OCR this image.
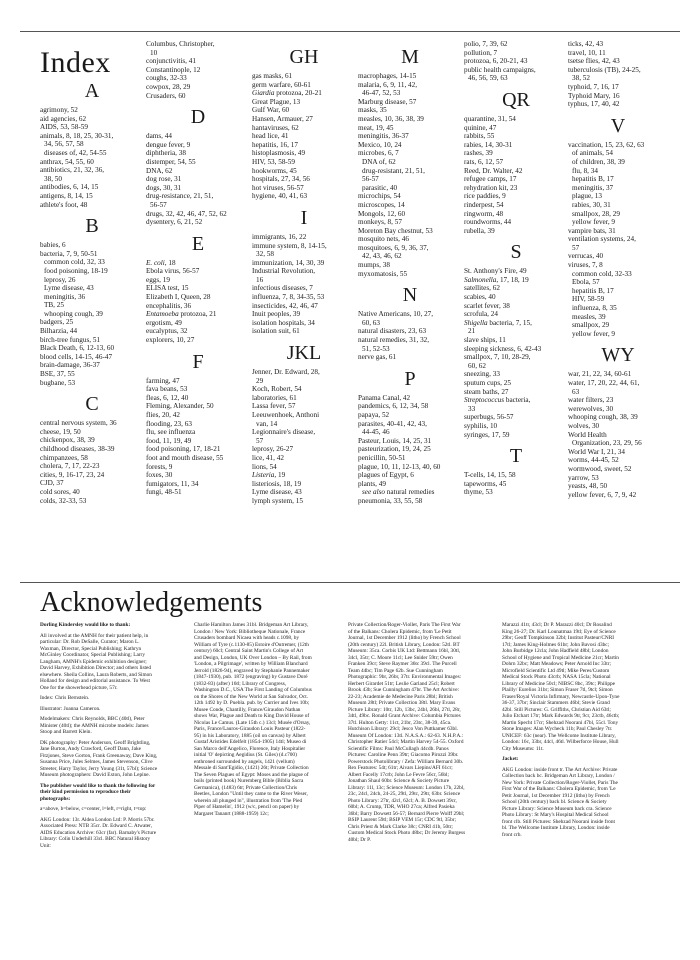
Index
A
agrimony, 52
aid agencies, 62
AIDS, 53, 58-59
animals, 8, 18, 25, 30-31,
34, 56, 57, 58
diseases of, 42, 54-55
anthrax, 54, 55, 60
antibiotics, 21, 32, 36,
38, 50
antibodies, 6, 14, 15
antigens, 8, 14, 15
athlete's foot, 48
B
babies, 6
bacteria, 7, 9, 50-51
common cold, 32, 33
food poisoning, 18-19
leprosy, 26
Lyme disease, 43
meningitis, 36
TB, 25
whooping cough, 39
badgers, 25
Bilharzia, 44
birch-tree fungus, 51
Black Death, 6, 12-13, 60
blood cells, 14-15, 46-47
brain-damage, 36-37
BSE, 37, 55
bugbane, 53
C
central nervous system, 36
cheese, 19, 50
chickenpox, 38, 39
childhood diseases, 38-39
chimpanzees, 58
cholera, 7, 17, 22-23
cities, 9, 16-17, 23, 24
CJD, 37
cold sores, 40
colds, 32-33, 53
Columbus, Christopher,
10
conjunctivitis, 41
Constantinople, 12
coughs, 32-33
cowpox, 28, 29
Crusaders, 60
D
dams, 44
dengue fever, 9
diphtheria, 38
distemper, 54, 55
DNA, 62
dog rose, 31
dogs, 30, 31
drug-resistance, 21, 51,
56-57
drugs, 32, 42, 46, 47, 52, 62
dysentery, 6, 21, 52
E
E. coli, 18
Ebola virus, 56-57
eggs, 19
ELISA test, 15
Elizabeth I, Queen, 28
encephalitis, 36
Entamoeba protozoa, 21
ergotism, 49
eucalyptus, 32
explorers, 10, 27
F
farming, 47
fava beans, 53
fleas, 6, 12, 40
Fleming, Alexander, 50
flies, 20, 42
flooding, 23, 63
flu, see influenza
food, 11, 19, 49
food poisoning, 17, 18-21
foot and mouth disease, 55
forests, 9
foxes, 30
fumigators, 11, 34
fungi, 48-51
GH
gas masks, 61
germ warfare, 60-61
Giardia protozoa, 20-21
Great Plague, 13
Gulf War, 60
Hansen, Armauer, 27
hantaviruses, 62
head lice, 41
hepatitis, 16, 17
histoplasmosis, 49
HIV, 53, 58-59
hookworms, 45
hospitals, 27, 34, 56
hot viruses, 56-57
hygiene, 40, 41, 63
I
immigrants, 16, 22
immune system, 8, 14-15,
32, 58
immunization, 14, 30, 39
Industrial Revolution,
16
infectious diseases, 7
influenza, 7, 8, 34-35, 53
insecticides, 42, 46, 47
Inuit peoples, 39
isolation hospitals, 34
isolation suit, 61
JKL
Jenner, Dr. Edward, 28,
29
Koch, Robert, 54
laboratories, 61
Lassa fever, 57
Leeuwenhoek, Anthoni
van, 14
Legionnaire's disease,
57
leprosy, 26-27
lice, 41, 42
lions, 54
Listeria, 19
listeriosis, 18, 19
Lyme disease, 43
lymph system, 15
M
macrophages, 14-15
malaria, 6, 9, 11, 42,
46-47, 52, 53
Marburg disease, 57
masks, 35
measles, 10, 36, 38, 39
meat, 19, 45
meningitis, 36-37
Mexico, 10, 24
microbes, 6, 7
DNA of, 62
drug-resistant, 21, 51,
56-57
parasitic, 40
microchips, 54
microscopes, 14
Mongols, 12, 60
monkeys, 8, 57
Moreton Bay chestnut, 53
mosquito nets, 46
mosquitoes, 6, 9, 36, 37,
42, 43, 46, 62
mumps, 38
myxomatosis, 55
N
Native Americans, 10, 27,
60, 63
natural disasters, 23, 63
natural remedies, 31, 32,
51, 52-53
nerve gas, 61
P
Panama Canal, 42
pandemics, 6, 12, 34, 58
papaya, 52
parasites, 40-41, 42, 43,
44-45, 46
Pasteur, Louis, 14, 25, 31
pasteurization, 19, 24, 25
penicillin, 50-51
plague, 10, 11, 12-13, 40, 60
plagues of Egypt, 6
plants, 49
see also natural remedies
pneumonia, 33, 55, 58
polio, 7, 39, 62
pollution, 7
protozoa, 6, 20-21, 43
public health campaigns,
46, 56, 59, 63
QR
quarantine, 31, 54
quinine, 47
rabbits, 55
rabies, 14, 30-31
rashes, 39
rats, 6, 12, 57
Reed, Dr. Walter, 42
refugee camps, 17
rehydration kit, 23
rice paddies, 9
rinderpest, 54
ringworm, 48
roundworms, 44
rubella, 39
S
St. Anthony's Fire, 49
Salmonella, 17, 18, 19
satellites, 62
scabies, 40
scarlet fever, 38
scrofula, 24
Shigella bacteria, 7, 15,
21
slave ships, 11
sleeping sickness, 6, 42-43
smallpox, 7, 10, 28-29,
60, 62
sneezing, 33
sputum cups, 25
steam baths, 27
Streptococcus bacteria,
33
superbugs, 56-57
syphilis, 10
syringes, 17, 59
T
T-cells, 14, 15, 58
tapeworms, 45
thyme, 53
ticks, 42, 43
travel, 10, 11
tsetse flies, 42, 43
tuberculosis (TB), 24-25,
38, 52
typhoid, 7, 16, 17
Typhoid Mary, 16
typhus, 17, 40, 42
V
vaccination, 15, 23, 62, 63
of animals, 54
of children, 38, 39
flu, 8, 34
hepatitis B, 17
meningitis, 37
plague, 13
rabies, 30, 31
smallpox, 28, 29
yellow fever, 9
vampire bats, 31
ventilation systems, 24,
57
verrucas, 40
viruses, 7, 8
common cold, 32-33
Ebola, 57
hepatitis B, 17
HIV, 58-59
influenza, 8, 35
measles, 39
smallpox, 29
yellow fever, 9
WY
war, 21, 22, 34, 60-61
water, 17, 20, 22, 44, 61,
63
water filters, 23
werewolves, 30
whooping cough, 38, 39
wolves, 30
World Health
Organization, 23, 29, 56
World War I, 21, 34
worms, 44-45, 52
wormwood, sweet, 52
yarrow, 53
yeasts, 48, 50
yellow fever, 6, 7, 9, 42
Acknowledgements

Dorling Kindersley would like to thank:

All involved at the AMNH for their patient help, in particular: Dr. Rob DeSalle, Curator; Maron L. Waxman, Director, Special Publishing; Kathryn McGinley Coordinator, Special Publishing; Larry Langham, AMNH's Epidemic exhibition designer; David Harvey, Exhibition Director; and others listed elsewhere. Sheila Collins, Laura Roberts, and Simon Holland for design and editorial assistance. To West One for the showerhead picture, 57r.

Index: Chris Bernstein.

Illustrator: Joanna Cameron.

Modelmakers: Chris Reynolds, BBC (40tl), Peter Minister (40tl); the AMNH microbe models: James Stoop and Barrett Klein.

DK photography: Peter Anderson, Geoff Brightling, Jane Burton, Andy Crawford, Geoff Dann, Jake Fitzjones, Steve Gorton, Frank Greenaway, Dave King, Susanna Price, Jules Selmes, James Stevenson, Clive Streeter, Harry Taylor, Jerry Young (31t, 57bl); Science Museum photographers: David Exton, John Lepine.

The publisher would like to thank the following for their kind permission to reproduce their photographs:

a=above, b=below, c=center, l=left, r=right, t=top:

AKG London: 13r. Aldea London Ltd: P. Morris 57br. Associated Press: NTB 35cr. Dr. Edward C. Atwater, AIDS Education Archive: 63cr (far). Barnaby's Picture Library: Colin Underhill 33cl. BBC Natural History Unit:

Charlie Hamilton James 31bl. Bridgeman Art Library, London / New York: Bibliotheque Nationale, France Crusaders bombard Nicaea with heads c.1098, by William of Tyre (c.1130-85) Estoire d'Outremer, (12th century) 60cl; Central Saint Martin's College of Art and Design, London, UK Over London – By Rail, from 'London, a Pilgrimage', written by William Blanchard Jerrold (1826-94), engraved by Stephanie Pannemaker (1847-1930), pub. 1872 (engraving) by Gustave Doré (1832-83) (after) 16tl; Library of Congress, Washington D.C., USA The First Landing of Columbus on the Shores of the New World at San Salvador, Oct. 12th 1492 by D. Puebla. pub. by Currier and Ives 10b; Musee Conde, Chantilly, France/Giraudon Nathan shows War, Plague and Death to King David House of Nicolas Le Camus. (Late 15th c.) 13cl; Musée d'Orsay, Paris, France/Lauros-Giraudon Louis Pasteur (1822-95) in his Laboratory, 1885 (oil on canvas) by Albert Gustaf Aristides Edelfelt (1854-1905) 14tl; Museo di San Marco dell'Angelico, Florence, Italy Hospitalier initial 'O' depicting Aegidius (St. Giles) (d.c700) enthroned surrounded by angels, 1421 (vellum) Messale di Sant'Egidio, (1421) 26t; Private Collection The Seven Plagues of Egypt: Moses and the plague of boils (printed book) Nuremberg Bible (Biblia Sacra Germanica), (1483) 6tr; Private Collection/Chris Beetles, London "Until they came to the River Weser, wherein all plunged in", illustration from 'The Pied Piper of Hamelin', 1912 (w/c, pencil on paper) by Margaret Tananrt (1888-1959) 12c;

Private Collection/Roger-Viollet, Paris The First War of the Balkans: Cholera Epidemic, from 'Le Petit Journal, 1st December 1912 (litho) by French School (20th century) 22l. British Library, London: 52tl. BT Museum: 35ca. Corbis UK Ltd: Bettmann 16bl, 30tl, 34cl, 35tr; C. Moore 11cl; Lee Snider 59tr; Owen Franken 39cr; Steve Raymer 36tc 39cl. The Purcell Team 44bc; Tim Page 62b. Sue Cunningham Photographic: 9br, 26br, 37tr. Environmental Images: Herbert Girardet 51tr; Leslie Garland 25cl; Robert Brook 43b; Sue Cunningham 47br. The Art Archive: 22-23; Academie de Medecine Paris 28bl; British Museum 28tl; Private Collection 38tl. Mary Evans Picture Library: 10tr, 12b, 13bc, 24bl, 26bl, 27tl, 28r, 34tl, 49bc. Ronald Grant Archive: Columbia Pictures 37tl. Hulton Getty: 11ct, 21br, 23tc, 38-39, 45ca. Hutchison Library: 29cl; Jesco Von Puttkamer 63bl. Museum Of London: 13tl. N.A.S.A.: 62-63. N.H.P.A.: Christopher Ratier 54cl; Martin Harvey 54-55. Oxford Scientific Films: Paul McCullagh 44cdb. Panos Pictures: Caroline Penn 39tr; Giacomo Pirozzi 39br. Powerstock Photolibrary / Zefa: William Bernard 30b. Rex Features: 54t; 61tr; Aivars Liepins/AFI 61cr; Albert Facelly 17crb; John Le Fevre 56cr, 56bl; Jonathan Shaul 60br. Science & Society Picture Library: 11l, 13c; Science Museum: London 17b, 22bl, 23c, 24cl, 24ch, 24-25, 29tl, 29tc, 29tr, 63br. Science Photo Library: 27tr, 42cl, 62cl; A. B. Dowsett 39cr, 60bl; A. Crump, TDR, WHO 27ca; Alfred Pasieka 36bl; Barry Dowsett 56-57; Bernard Pierre Wolff 29bl; BSIP Laurent 59tl; BSIP VEM 15r; CDC 9tl, 35br; Chris Priest & Mark Clarke 38c; CNRI 41b, 50tr; Custom Medical Stock Photo 48bc; Dr Jeremy Burgess 40bl; Dr P.

Marazzi 41tr, 43cl; Dr P. Marazzi 40cl; Dr Rosalind King 26-27; Dr. Karl Lounatmaa 19tl; Eye of Science 29br; Geoff Tompkinson 32bl; Institut Pasteur/CNRI 17tl; James King-Holmes 61br; John Bavosi 43bc; John Burbidge 12cla; John Hadfield 48bl; London School of Hygiene and Tropical Medicine 21cr; Martin Dohrn 32bc; Matt Meadows; Peter Arnold Inc 33tr; Microfield Scientific Ltd 49tl; Mike Peres/Custom Medical Stock Photo 43crb; NASA 15cla; National Library of Medicine 50cl; NIBSC 8bc, 39tc; Philippe Plailly/ Eurelios 31br; Simon Fraser 7tl, 9tcl; Simon Fraser/Royal Victoria Infirmary, Newcastle-Upon-Tyne 36-37, 37br; Sinclair Stammers 46bl; Stevie Grand 42bl. Still Pictures: G. Griffiths, Christian Aid 63tl; Julio Etchart 17tr; Mark Edwards 9tr, 9cr, 23ctb, 46ctb; Martin Specht 17cr; Shehzad Noorani 47bl, 55cl. Tony Stone Images: Alan Wycheck 11b; Paul Chesley 7tr. UNICEF: 63c (near). The Wellcome Institute Library, London: 16c, 33br, 44cl, 46tl. Wilberforce House, Hull City Museums: 11t.

Jacket:

AKG London: inside front tr. The Art Archive: Private Collection back bc. Bridgeman Art Library, London / New York: Private Collection/Roger-Viollet, Paris The First War of the Balkans: Cholera Epidemic, from 'Le Petit Journal, 1st December 1912 (litho) by French School (20th century) back bl. Science & Society Picture Library: Science Museum back cra. Science Photo Library: St Mary's Hospital Medical School front clb. Still Pictures: Shehzad Noorani inside front bl. The Wellcome Institute Library, London: inside front crb.
